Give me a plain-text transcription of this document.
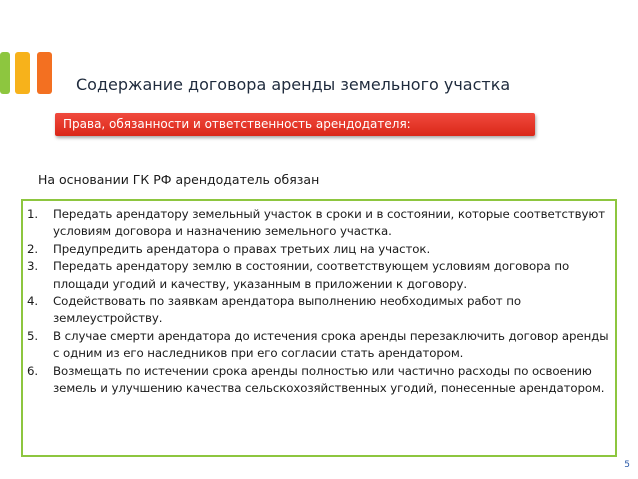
Содержание договора аренды земельного участка
Права, обязанности и ответственность арендодателя:
На основании ГК РФ арендодатель обязан
1. Передать арендатору земельный участок в сроки и в состоянии, которые соответствуют условиям договора и назначению земельного участка.
2. Предупредить арендатора о правах третьих лиц на участок.
3. Передать арендатору землю в состоянии, соответствующем условиям договора по площади угодий и качеству, указанным в приложении к договору.
4. Содействовать по заявкам арендатора выполнению необходимых работ по землеустройству.
5. В случае смерти арендатора до истечения срока аренды перезаключить договор аренды с одним из его наследников при его согласии стать арендатором.
6. Возмещать по истечении срока аренды полностью или частично расходы по освоению земель и улучшению качества сельскохозяйственных угодий, понесенные арендатором.
5
